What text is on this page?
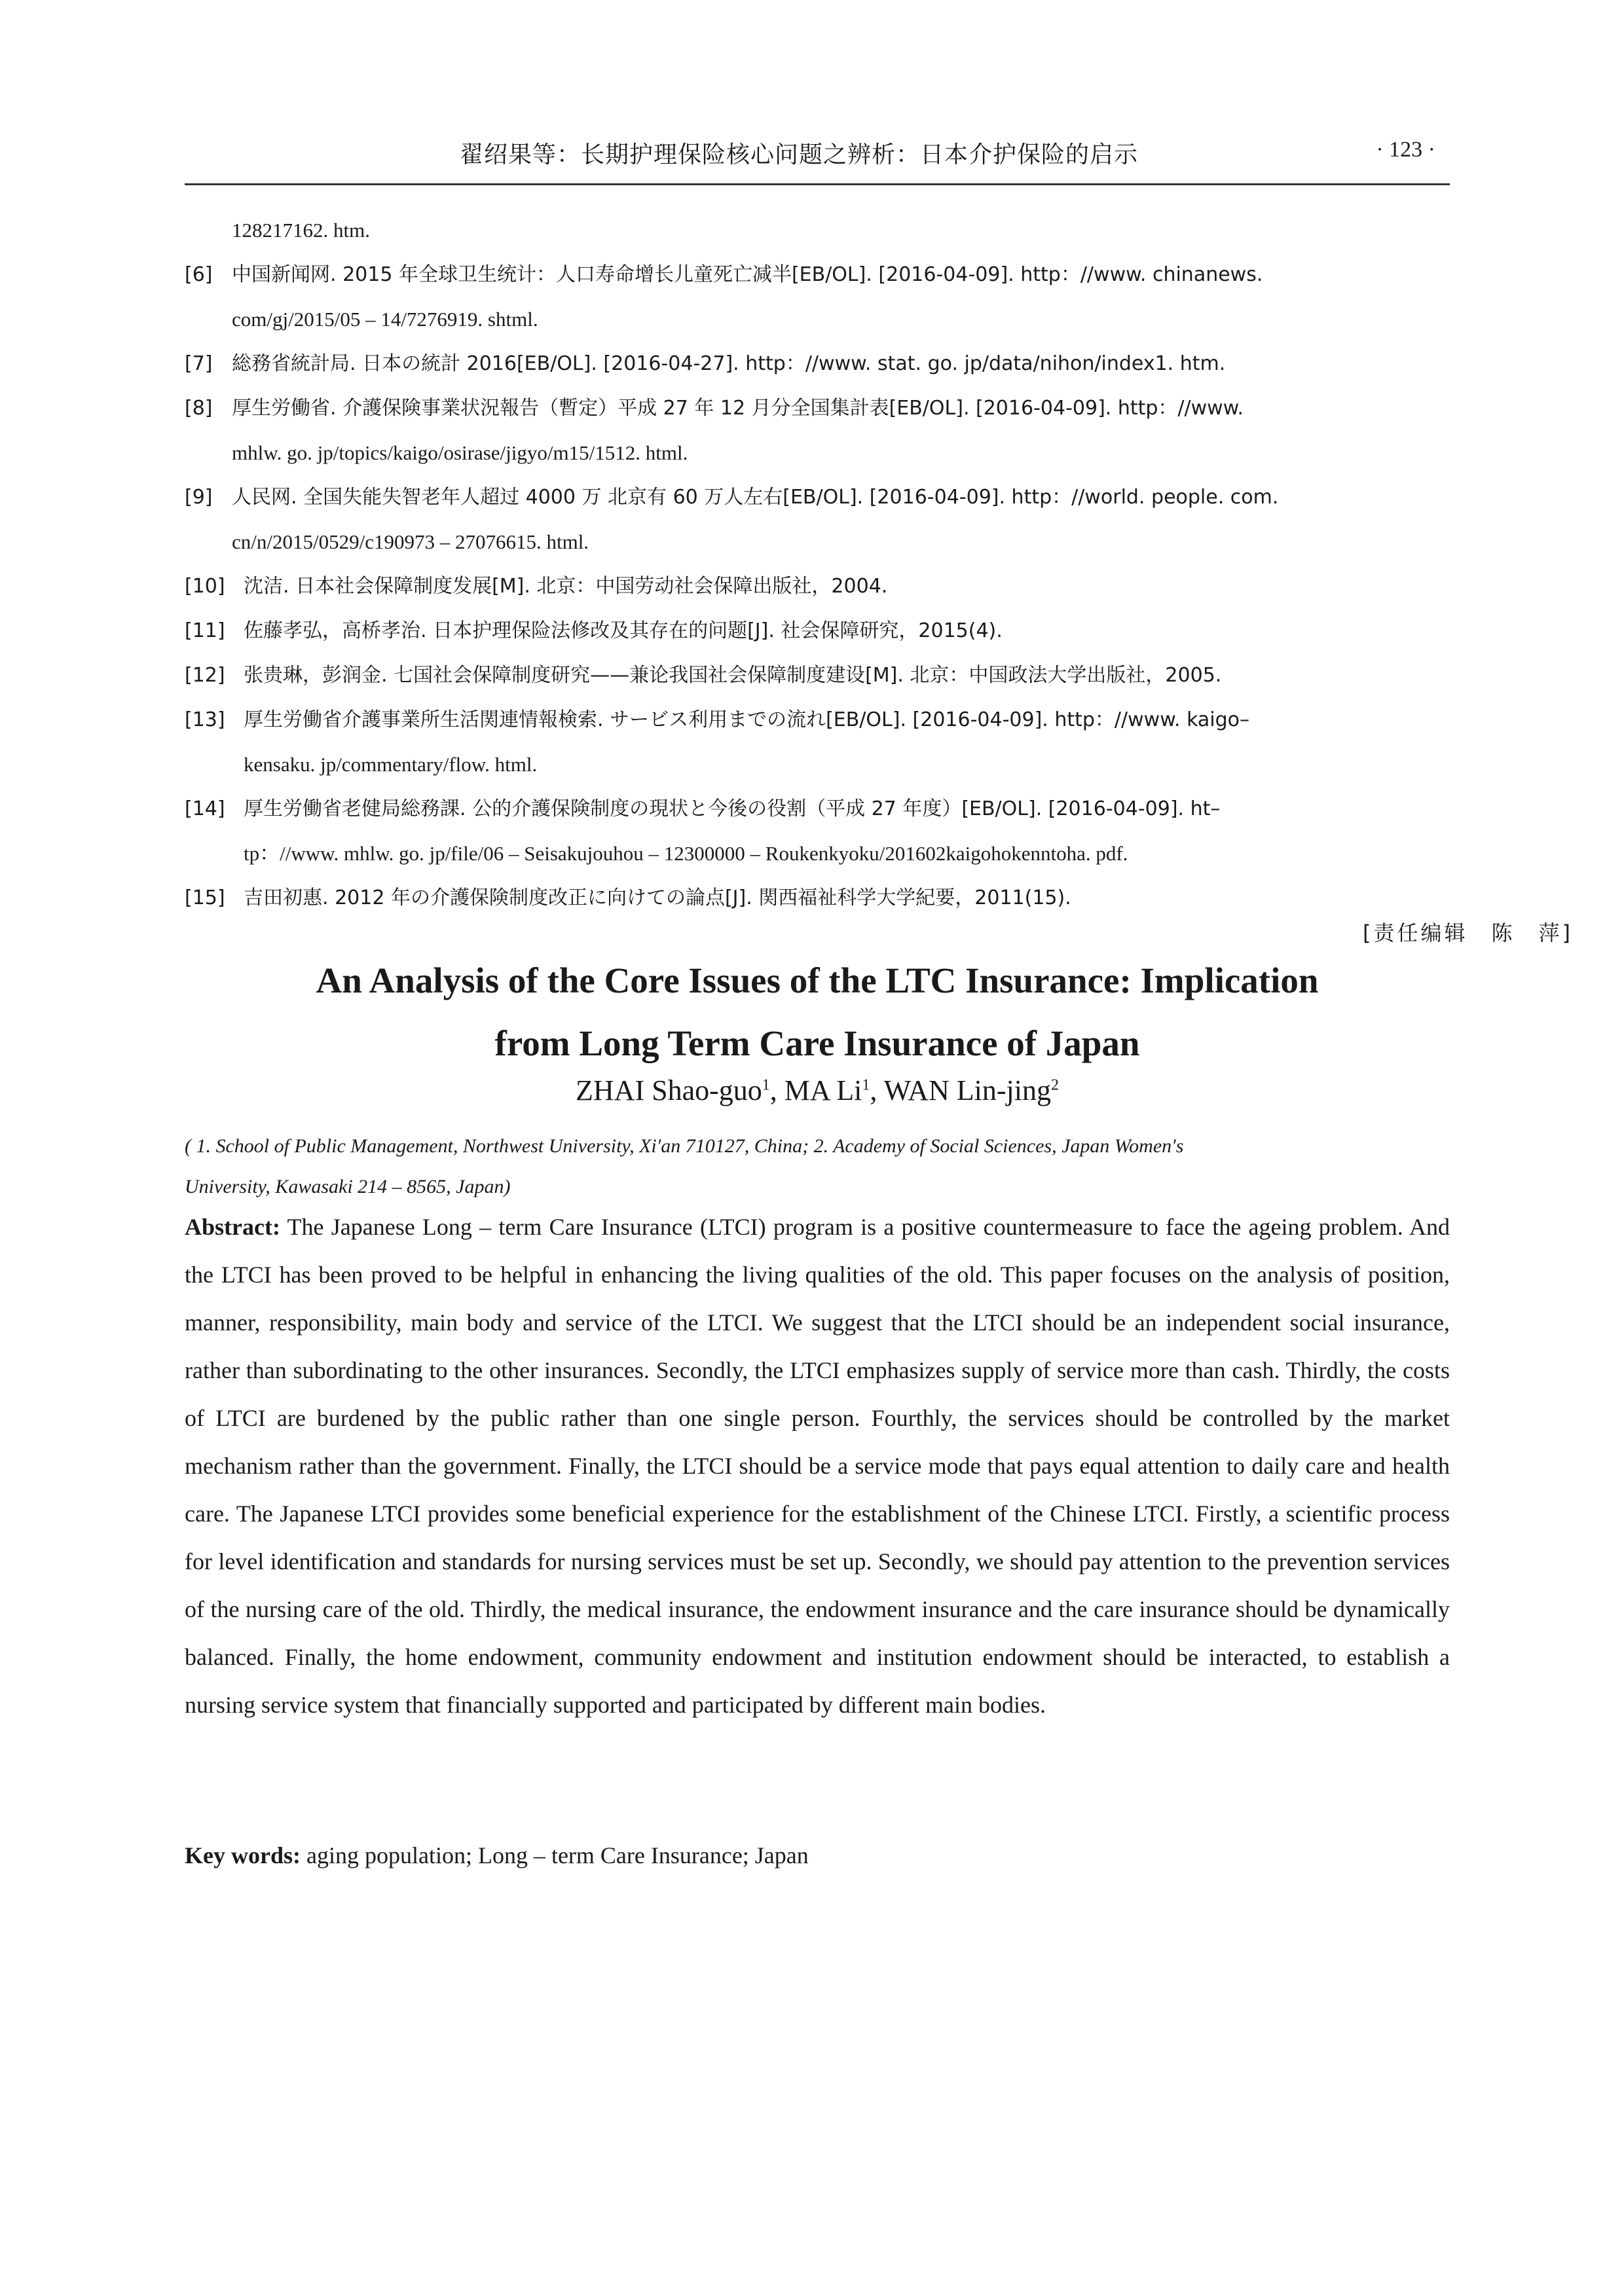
翟绍果等：长期护理保险核心问题之辨析：日本介护保险的启示	· 123 ·
128217162. htm.
[6] 中国新闻网. 2015 年全球卫生统计：人口寿命增长儿童死亡减半[EB/OL]. [2016-04-09]. http：//www. chinanews.
com/gj/2015/05 – 14/7276919. shtml.
[7] 総務省統計局. 日本の統計 2016[EB/OL]. [2016-04-27]. http：//www. stat. go. jp/data/nihon/index1. htm.
[8] 厚生労働省. 介護保険事業状況報告（暫定）平成 27 年 12 月分全国集計表[EB/OL]. [2016-04-09]. http：//www.
mhlw. go. jp/topics/kaigo/osirase/jigyo/m15/1512. html.
[9] 人民网. 全国失能失智老年人超过 4000 万 北京有 60 万人左右[EB/OL]. [2016-04-09]. http：//world. people. com.
cn/n/2015/0529/c190973 – 27076615. html.
[10] 沈洁. 日本社会保障制度发展[M]. 北京：中国劳动社会保障出版社，2004.
[11] 佐藤孝弘，高桥孝治. 日本护理保险法修改及其存在的问题[J]. 社会保障研究，2015(4).
[12] 张贵琳，彭润金. 七国社会保障制度研究——兼论我国社会保障制度建设[M]. 北京：中国政法大学出版社，2005.
[13] 厚生労働省介護事業所生活関連情報検索. サービス利用までの流れ[EB/OL]. [2016-04-09]. http：//www. kaigo–
kensaku. jp/commentary/flow. html.
[14] 厚生労働省老健局総務課. 公的介護保険制度の現状と今後の役割（平成 27 年度）[EB/OL]. [2016-04-09]. ht–
tp：//www. mhlw. go. jp/file/06 – Seisakujouhou – 12300000 – Roukenkyoku/201602kaigohokenntoha. pdf.
[15] 吉田初惠. 2012 年の介護保険制度改正に向けての論点[J]. 関西福祉科学大学紀要，2011(15).
[责任编辑　陈　萍]
An Analysis of the Core Issues of the LTC Insurance: Implication
from Long Term Care Insurance of Japan
ZHAI Shao-guo$^1$, MA Li$^1$, WAN Lin-jing$^2$
( 1. School of Public Management, Northwest University, Xi′an 710127, China; 2. Academy of Social Sciences, Japan Women′s
University, Kawasaki 214 – 8565, Japan)
Abstract: The Japanese Long – term Care Insurance (LTCI) program is a positive countermeasure to face the ageing problem. And the LTCI has been proved to be helpful in enhancing the living qualities of the old. This paper focuses on the analysis of position, manner, responsibility, main body and service of the LTCI. We suggest that the LTCI should be an independent social insurance, rather than subordinating to the other insurances. Secondly, the LTCI emphasizes supply of service more than cash. Thirdly, the costs of LTCI are burdened by the public rather than one single person. Fourthly, the services should be controlled by the market mechanism rather than the government. Finally, the LTCI should be a service mode that pays equal attention to daily care and health care. The Japanese LTCI provides some beneficial experience for the establishment of the Chinese LTCI. Firstly, a scientific process for level identification and standards for nursing services must be set up. Secondly, we should pay attention to the prevention services of the nursing care of the old. Thirdly, the medical insurance, the endowment insurance and the care insurance should be dynamically balanced. Finally, the home endowment, community endowment and institution endowment should be interacted, to establish a nursing service system that financially supported and participated by different main bodies.
Key words: aging population; Long – term Care Insurance; Japan
